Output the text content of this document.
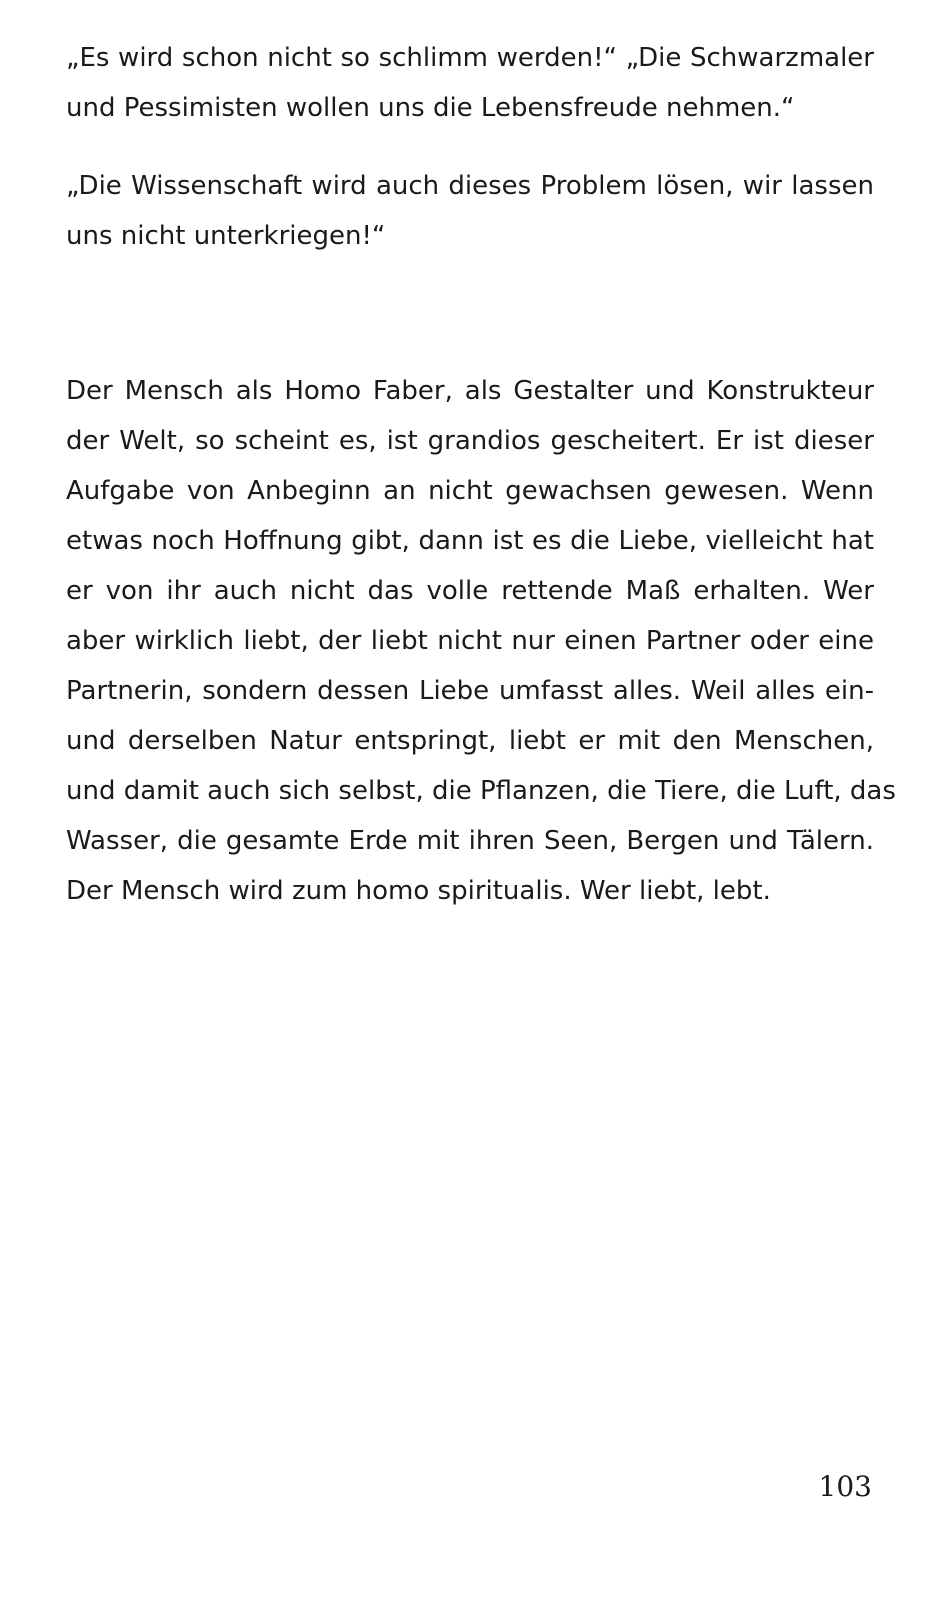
„Es wird schon nicht so schlimm werden!“ „Die Schwarzmaler
und Pessimisten wollen uns die Lebensfreude nehmen.“

„Die Wissenschaft wird auch dieses Problem lösen, wir lassen
uns nicht unterkriegen!“

Der Mensch als Homo Faber, als Gestalter und Konstrukteur
der Welt, so scheint es, ist grandios gescheitert. Er ist dieser
Aufgabe von Anbeginn an nicht gewachsen gewesen. Wenn
etwas noch Hoffnung gibt, dann ist es die Liebe, vielleicht hat
er von ihr auch nicht das volle rettende Maß erhalten. Wer
aber wirklich liebt, der liebt nicht nur einen Partner oder eine
Partnerin, sondern dessen Liebe umfasst alles. Weil alles ein-
und derselben Natur entspringt, liebt er mit den Menschen,
und damit auch sich selbst, die Pflanzen, die Tiere, die Luft, das
Wasser, die gesamte Erde mit ihren Seen, Bergen und Tälern.
Der Mensch wird zum homo spiritualis. Wer liebt, lebt.

103
